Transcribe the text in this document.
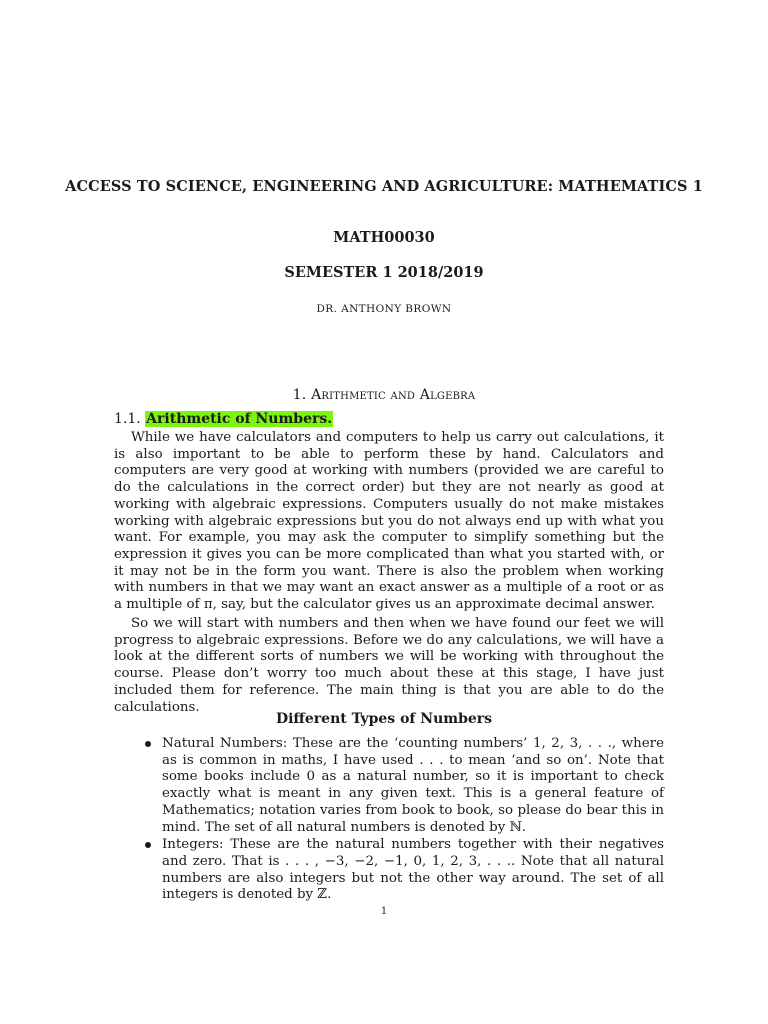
ACCESS TO SCIENCE, ENGINEERING AND AGRICULTURE: MATHEMATICS 1
MATH00030
SEMESTER 1 2018/2019
DR. ANTHONY BROWN
1. Arithmetic and Algebra
1.1. Arithmetic of Numbers.

While we have calculators and computers to help us carry out calculations, it is also important to be able to perform these by hand. Calculators and computers are very good at working with numbers (provided we are careful to do the calculations in the correct order) but they are not nearly as good at working with algebraic expressions. Computers usually do not make mistakes working with algebraic expressions but you do not always end up with what you want. For example, you may ask the computer to simplify something but the expression it gives you can be more complicated than what you started with, or it may not be in the form you want. There is also the problem when working with numbers in that we may want an exact answer as a multiple of a root or as a multiple of π, say, but the calculator gives us an approximate decimal answer.

So we will start with numbers and then when we have found our feet we will progress to algebraic expressions. Before we do any calculations, we will have a look at the different sorts of numbers we will be working with throughout the course. Please don’t worry too much about these at this stage, I have just included them for reference. The main thing is that you are able to do the calculations.

Different Types of Numbers
Natural Numbers: These are the ‘counting numbers’ 1, 2, 3, . . ., where as is common in maths, I have used . . . to mean ‘and so on’. Note that some books include 0 as a natural number, so it is important to check exactly what is meant in any given text. This is a general feature of Mathematics; notation varies from book to book, so please do bear this in mind. The set of all natural numbers is denoted by ℕ.
Integers: These are the natural numbers together with their negatives and zero. That is . . . , −3, −2, −1, 0, 1, 2, 3, . . .. Note that all natural numbers are also integers but not the other way around. The set of all integers is denoted by ℤ.
1
